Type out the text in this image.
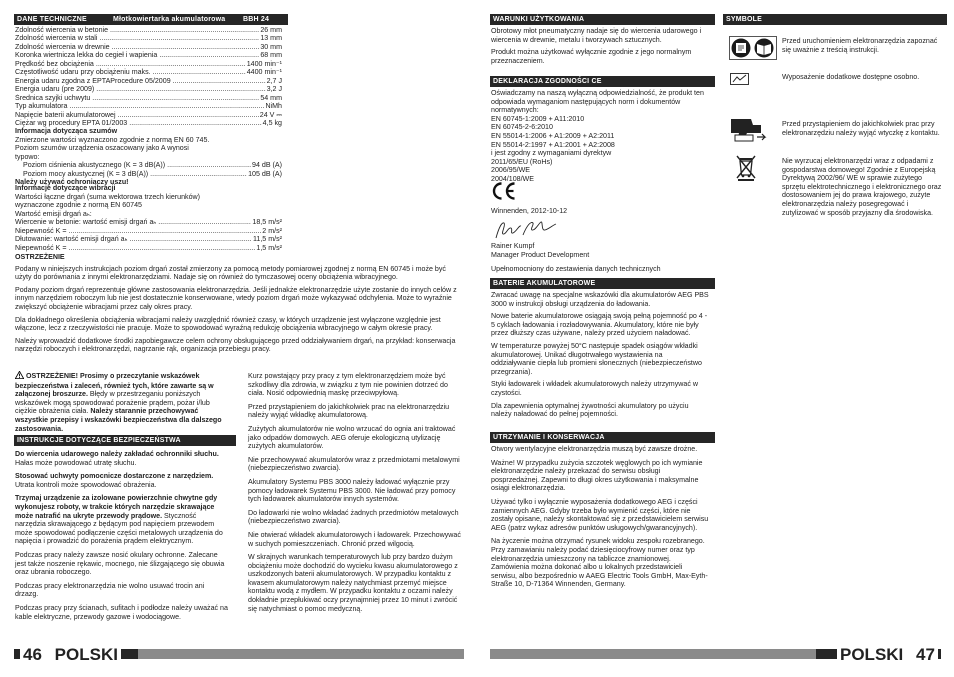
DANE TECHNICZNE	Młotkowiertarka akumulatorowa	BBH 24
Zdolność wiercenia w betonie .....	26 mm
Zdolność wiercenia w stali .....	13 mm
Zdolność wiercenia w drewnie .....	30 mm
Koronka wiertnicza lekka do cegieł i wapienia .....	68 mm
Prędkość bez obciążenia .....	1400 min⁻¹
Częstotliwość udaru przy obciążeniu maks. .....	4400 min⁻¹
Energia udaru zgodna z EPTAProcedure 05/2009 .....	2,7 J
Energia udaru (pre 2009) .....	3,2 J
Średnica szyjki uchwytu .....	54 mm
Typ akumulatora .....	NiMh
Napięcie baterii akumulatorowej .....	24 V ⎓
Ciężar wg procedury EPTA 01/2003 .....	4,5 kg
Informacja dotycząca szumów
Zmierzone wartości wyznaczono zgodnie z normą EN 60 745.
Poziom szumów urządzenia oszacowany jako A wynosi
typowo:
Poziom ciśnienia akustycznego (K = 3 dB(A)) .....	94 dB (A)
Poziom mocy akustycznej (K = 3 dB(A)) .....	105 dB (A)
Należy używać ochroniaczy uszu!
Informacje dotyczące wibracji
Wartości łączne drgań (suma wektorowa trzech kierunków)
wyznaczone zgodnie z normą EN 60745
Wartość emisji drgań aₕ:
Wiercenie w betonie: wartość emisji drgań aₕ .....	18,5 m/s²
Niepewność K = .....	2 m/s²
Dłutowanie: wartość emisji drgań aₕ .....	11,5 m/s²
Niepewność K = .....	1,5 m/s²
OSTRZEŻENIE
Podany w niniejszych instrukcjach poziom drgań został zmierzony za pomocą metody pomiarowej zgodnej z normą EN 60745 i może być użyty do porównania z innymi elektronarzędziami. Nadaje się on również do tymczasowej oceny obciążenia wibracyjnego.
Podany poziom drgań reprezentuje główne zastosowania elektronarzędzia. Jeśli jednakże elektronarzędzie użyte zostanie do innych celów z innym narzędziem roboczym lub nie jest dostatecznie konserwowane, wtedy poziom drgań może wykazywać odchylenia. Może to wyraźnie zwiększyć obciążenie wibracjami przez cały okres pracy.
Dla dokładnego określenia obciążenia wibracjami należy uwzględnić również czasy, w których urządzenie jest wyłączone względnie jest włączone, lecz z rzeczywistości nie pracuje. Może to spowodować wyraźną redukcję obciążenia wibracyjnego w całym okresie pracy.
Należy wprowadzić dodatkowe środki zapobiegawcze celem ochrony obsługującego przed oddziaływaniem drgań, na przykład: konserwacja narzędzi roboczych i elektronarzędzi, nagrzanie rąk, organizacja przebiegu pracy.
OSTRZEŻENIE! Prosimy o przeczytanie wskazówek bezpieczeństwa i zaleceń, również tych, które zawarte są w załączonej broszurze. Błędy w przestrzeganiu poniższych wskazówek mogą spowodować porażenie prądem, pożar i/lub ciężkie obrażenia ciała. Należy starannie przechowywać wszystkie przepisy i wskazówki bezpieczeństwa dla dalszego zastosowania.
INSTRUKCJE DOTYCZĄCE BEZPIECZEŃSTWA
Do wiercenia udarowego należy zakładać ochronniki słuchu. Hałas może powodować utratę słuchu.
Stosować uchwyty pomocnicze dostarczone z narzędziem. Utrata kontroli może spowodować obrażenia.
Trzymaj urządzenie za izolowane powierzchnie chwytne gdy wykonujesz roboty, w trakcie których narzędzie skrawające może natrafić na ukryte przewody prądowe. Styczność narzędzia skrawającego z będącym pod napięciem przewodem może spowodować podłączenie części metalowych urządzenia do napięcia i prowadzić do porażenia prądem elektrycznym.
Podczas pracy należy zawsze nosić okulary ochronne. Zalecane jest także noszenie rękawic, mocnego, nie ślizgającego się obuwia oraz ubrania roboczego.
Podczas pracy elektronarzędzia nie wolno usuwać trocin ani drzazg.
Podczas pracy przy ścianach, sufitach i podłodze należy uważać na kable elektryczne, przewody gazowe i wodociągowe.
Kurz powstający przy pracy z tym elektronarzędziem może być szkodliwy dla zdrowia, w związku z tym nie powinien dotrzeć do ciała. Nosić odpowiednią maskę przeciwpyłową.
Przed przystąpieniem do jakichkolwiek prac na elektronarzędziu należy wyjąć wkładkę akumulatorową.
Zużytych akumulatorów nie wolno wrzucać do ognia ani traktować jako odpadów domowych. AEG oferuje ekologiczną utylizację zużytych akumulatorów.
Nie przechowywać akumulatorów wraz z przedmiotami metalowymi (niebezpieczeństwo zwarcia).
Akumulatory Systemu PBS 3000 należy ładować wyłącznie przy pomocy ładowarek Systemu PBS 3000. Nie ładować przy pomocy tych ładowarek akumulatorów innych systemów.
Do ładowarki nie wolno wkładać żadnych przedmiotów metalowych (niebezpieczeństwo zwarcia).
Nie otwierać wkładek akumulatorowych i ładowarek. Przechowywać w suchych pomieszczeniach. Chronić przed wilgocią.
W skrajnych warunkach temperaturowych lub przy bardzo dużym obciążeniu może dochodzić do wycieku kwasu akumulatorowego z uszkodzonych baterii akumulatorowych. W przypadku kontaktu z kwasem akumulatorowym należy natychmiast przemyć miejsce kontaktu wodą z mydłem. W przypadku kontaktu z oczami należy dokładnie przepłukiwać oczy przynajmniej przez 10 minut i zwrócić się natychmiast o pomoc medyczną.
46 POLSKI
WARUNKI UŻYTKOWANIA
Obrotowy młot pneumatyczny nadaje się do wiercenia udarowego i wiercenia w drewnie, metalu i tworzywach sztucznych.
Produkt można użytkować wyłącznie zgodnie z jego normalnym przeznaczeniem.
DEKLARACJA ZGODNOŚCI CE
Oświadczamy na naszą wyłączną odpowiedzialność, że produkt ten odpowiada wymaganiom następujących norm i dokumentów normatywnych:
EN 60745-1:2009 + A11:2010
EN 60745-2-6:2010
EN 55014-1:2006 + A1:2009 + A2:2011
EN 55014-2:1997 + A1:2001 + A2:2008
i jest zgodny z wymaganiami dyrektyw
2011/65/EU (RoHs)
2006/95/WE
2004/108/WE
Winnenden, 2012-10-12
Rainer Kumpf
Manager Product Development
Upełnomocniony do zestawienia danych technicznych
BATERIE AKUMULATOROWE
Zwracać uwagę na specjalne wskazówki dla akumulatorów AEG PBS 3000 w instrukcji obsługi urządzenia do ładowania.
Nowe baterie akumulatorowe osiągają swoją pełną pojemność po 4 - 5 cyklach ładowania i rozładowywania. Akumulatory, które nie były przez dłuższy czas używane, należy przed użyciem naładować.
W temperaturze powyżej 50°C następuje spadek osiągów wkładki akumulatorowej. Unikać długotrwałego wystawienia na oddziaływanie ciepła lub promieni słonecznych (niebezpieczeństwo przegrzania).
Styki ładowarek i wkładek akumulatorowych należy utrzymywać w czystości.
Dla zapewnienia optymalnej żywotności akumulatory po użyciu należy naładować do pełnej pojemności.
UTRZYMANIE I KONSERWACJA
Otwory wentylacyjne elektronarzędzia muszą być zawsze drożne.
Ważne! W przypadku zużycia szczotek węglowych po ich wymianie elektronarzędzie należy przekazać do serwisu obsługi posprzedażnej. Zapewni to długi okres użytkowania i maksymalne osiągi elektronarzędzia.
Używać tylko i wyłącznie wyposażenia dodatkowego AEG i części zamiennych AEG. Gdyby trzeba było wymienić części, które nie zostały opisane, należy skontaktować się z przedstawicielem serwisu AEG (patrz wykaz adresów punktów usługowych/gwarancyjnych).
Na życzenie można otrzymać rysunek widoku zespołu rozebranego. Przy zamawianiu należy podać dziesięciocyfrowy numer oraz typ elektronarzędzia umieszczony na tabliczce znamionowej. Zamówienia można dokonać albo u lokalnych przedstawicieli serwisu, albo bezpośrednio w AAEG Electric Tools GmbH, Max-Eyth-Straße 10, D-71364 Winnenden, Germany.
SYMBOLE
Przed uruchomieniem elektronarzędzia zapoznać się uważnie z treścią instrukcji.
Wyposażenie dodatkowe dostępne osobno.
Przed przystąpieniem do jakichkolwiek prac przy elektronarzędziu należy wyjąć wtyczkę z kontaktu.
Nie wyrzucaj elektronarzędzi wraz z odpadami z gospodarstwa domowego! Zgodnie z Europejską Dyrektywą 2002/96/ WE w sprawie zużytego sprzętu elektrotechnicznego i elektronicznego oraz dostosowaniem jej do prawa krajowego, zużyte elektronarzędzia należy posegregować i zutylizować w sposób przyjazny dla środowiska.
POLSKI 47
